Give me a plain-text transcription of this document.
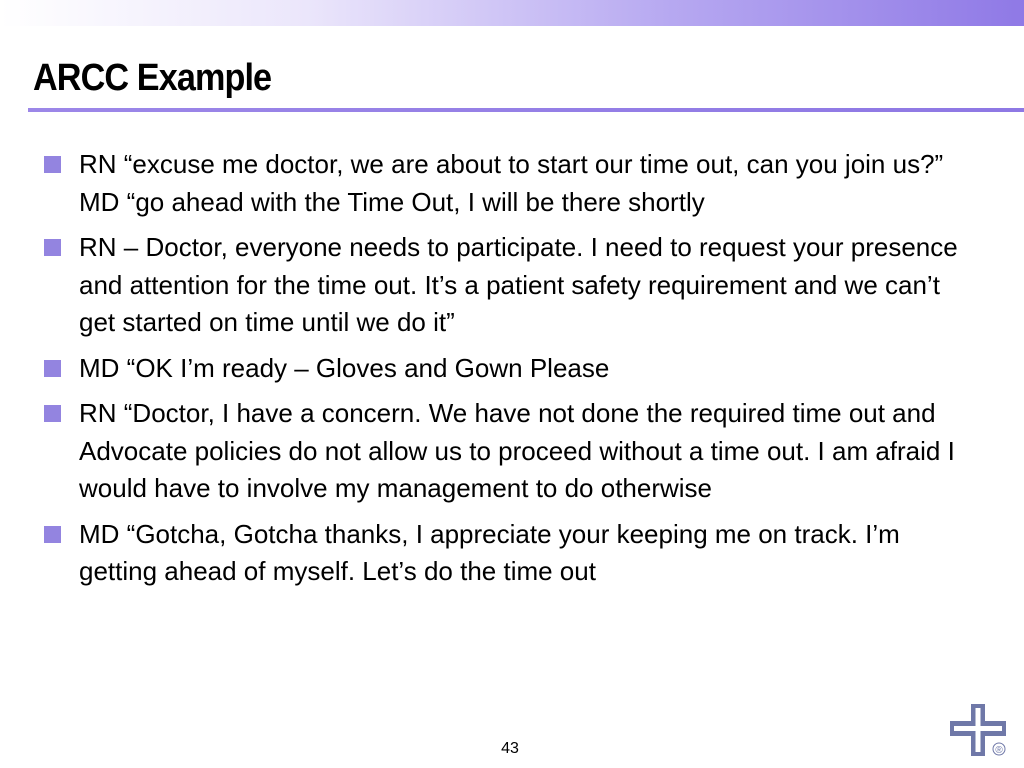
ARCC Example
RN “excuse me doctor, we are about to start our time out, can you join us?” MD “go ahead with the Time Out, I will be there shortly
RN – Doctor, everyone needs to participate. I need to request your presence and attention for the time out. It’s a patient safety requirement and we can’t get started on time until we do it”
MD “OK I’m ready – Gloves and Gown Please
RN “Doctor, I have a concern. We have not done the required time out and Advocate policies do not allow us to proceed without a time out. I am afraid I would have to involve my management to do otherwise
MD “Gotcha, Gotcha thanks, I appreciate your keeping me on track. I’m getting ahead of myself. Let’s do the time out
43	®
